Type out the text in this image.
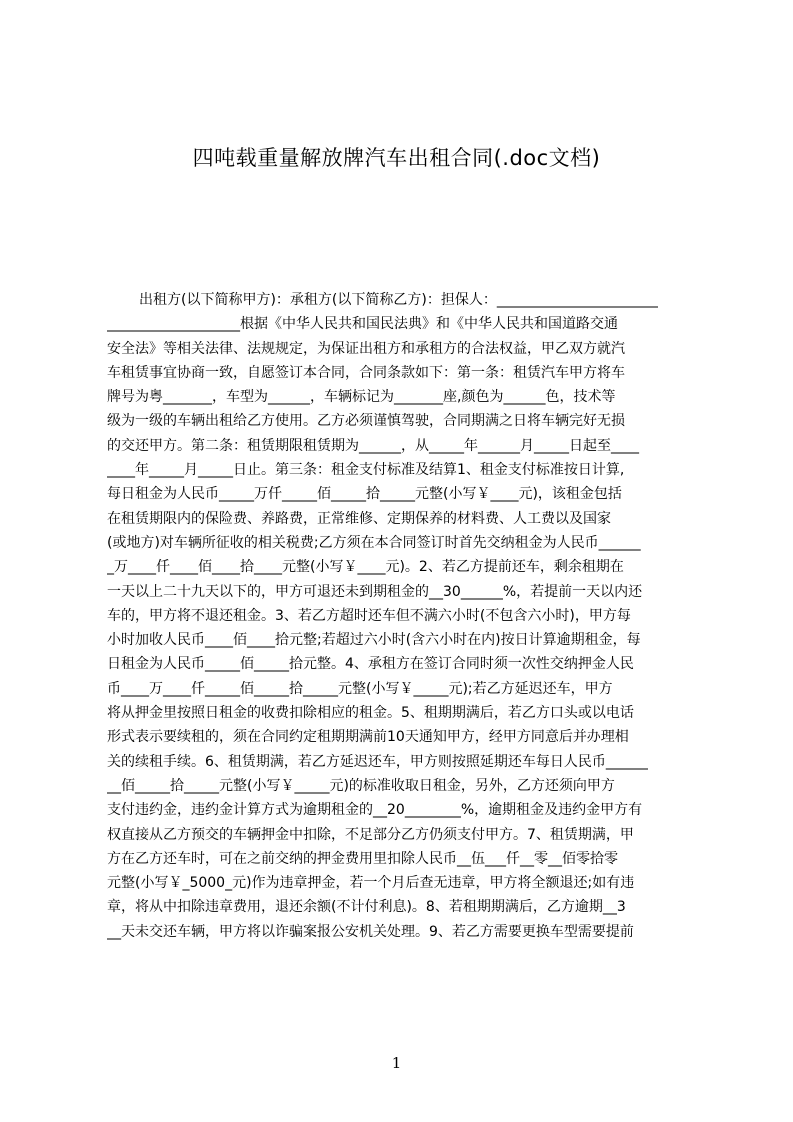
四吨载重量解放牌汽车出租合同(.doc文档)
出租方(以下简称甲方)：承租方(以下简称乙方)：担保人：_______________________
___________________根据《中华人民共和国民法典》和《中华人民共和国道路交通
安全法》等相关法律、法规规定，为保证出租方和承租方的合法权益，甲乙双方就汽
车租赁事宜协商一致，自愿签订本合同，合同条款如下：第一条：租赁汽车甲方将车
牌号为粤_______，车型为______，车辆标记为_______座,颜色为______色，技术等
级为一级的车辆出租给乙方使用。乙方必须谨慎驾驶，合同期满之日将车辆完好无损
的交还甲方。第二条：租赁期限租赁期为______，从_____年______月_____日起至____
____年_____月_____日止。第三条：租金支付标准及结算1、租金支付标准按日计算,
每日租金为人民币_____万仟_____佰_____拾_____元整(小写￥____元)，该租金包括
在租赁期限内的保险费、养路费，正常维修、定期保养的材料费、人工费以及国家
(或地方)对车辆所征收的相关税费;乙方须在本合同签订时首先交纳租金为人民币______
_万____仟____佰____拾____元整(小写￥____元)。2、若乙方提前还车，剩余租期在
一天以上二十九天以下的，甲方可退还未到期租金的__30______%，若提前一天以内还
车的，甲方将不退还租金。3、若乙方超时还车但不满六小时(不包含六小时)，甲方每
小时加收人民币____佰____拾元整;若超过六小时(含六小时在内)按日计算逾期租金，每
日租金为人民币_____佰_____拾元整。4、承租方在签订合同时须一次性交纳押金人民
币____万____仟_____佰_____拾_____元整(小写￥_____元);若乙方延迟还车，甲方
将从押金里按照日租金的收费扣除相应的租金。5、租期期满后，若乙方口头或以电话
形式表示要续租的，须在合同约定租期期满前10天通知甲方，经甲方同意后并办理相
关的续租手续。6、租赁期满，若乙方延迟还车，甲方则按照延期还车每日人民币______
__佰_____拾_____元整(小写￥_____元)的标准收取日租金，另外，乙方还须向甲方
支付违约金，违约金计算方式为逾期租金的__20________%，逾期租金及违约金甲方有
权直接从乙方预交的车辆押金中扣除，不足部分乙方仍须支付甲方。7、租赁期满，甲
方在乙方还车时，可在之前交纳的押金费用里扣除人民币__伍___仟__零__佰零拾零
元整(小写￥_5000_元)作为违章押金，若一个月后查无违章，甲方将全额退还;如有违
章，将从中扣除违章费用，退还余额(不计付利息)。8、若租期期满后，乙方逾期__3
__天未交还车辆，甲方将以诈骗案报公安机关处理。9、若乙方需要更换车型需要提前
1
